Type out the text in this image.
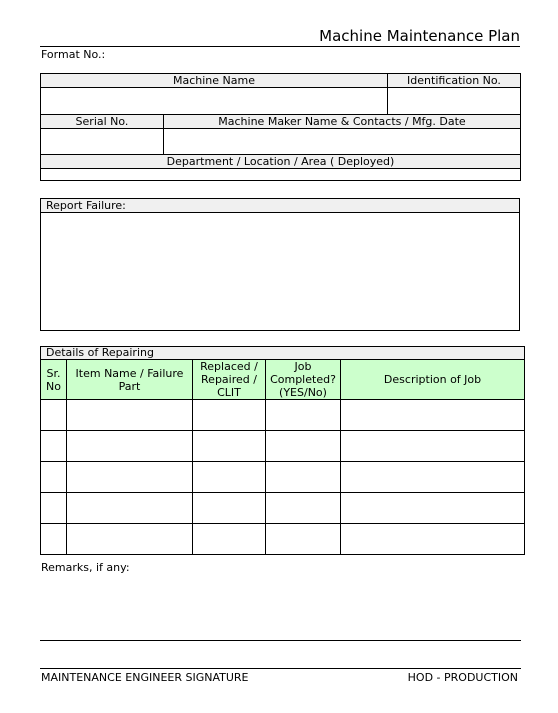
Machine Maintenance Plan
Format No.:
Machine Name		Identification No.

Serial No.	Machine Maker Name & Contacts / Mfg. Date	

Department / Location / Area ( Deployed)		

Report Failure:

Details of Repairing				
Sr. No	Item Name / Failure Part	Replaced / Repaired / CLIT	Job Completed? (YES/No)	Description of Job

Remarks, if any:
MAINTENANCE ENGINEER SIGNATURE	HOD - PRODUCTION
